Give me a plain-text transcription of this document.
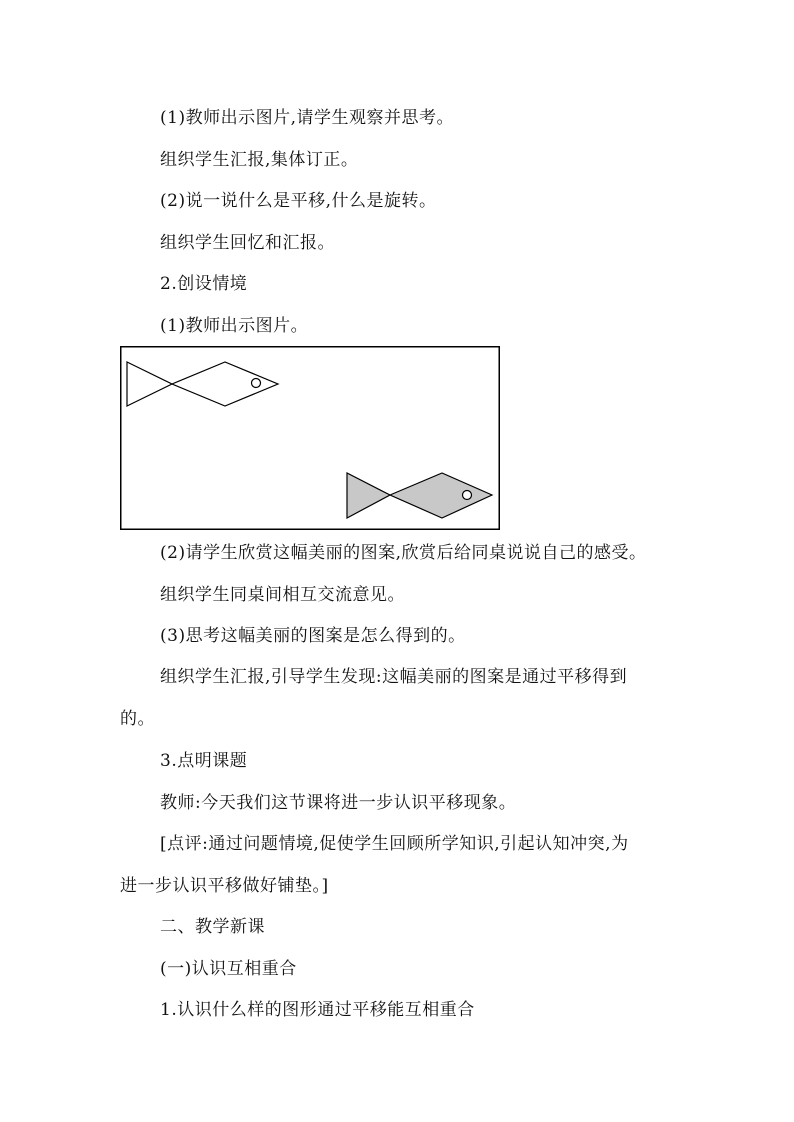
(1)教师出示图片,请学生观察并思考。
组织学生汇报,集体订正。
(2)说一说什么是平移,什么是旋转。
组织学生回忆和汇报。
2.创设情境
(1)教师出示图片。
(2)请学生欣赏这幅美丽的图案,欣赏后给同桌说说自己的感受。
组织学生同桌间相互交流意见。
(3)思考这幅美丽的图案是怎么得到的。
组织学生汇报,引导学生发现:这幅美丽的图案是通过平移得到
的。
3.点明课题
教师:今天我们这节课将进一步认识平移现象。
[点评:通过问题情境,促使学生回顾所学知识,引起认知冲突,为
进一步认识平移做好铺垫。]
二、教学新课
(一)认识互相重合
1.认识什么样的图形通过平移能互相重合
